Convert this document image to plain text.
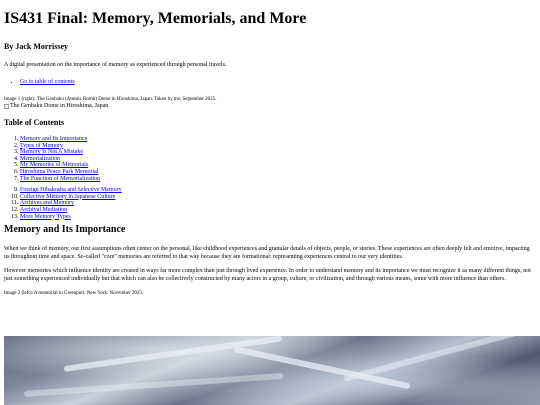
IS431 Final: Memory, Memorials, and More
By Jack Morrissey

A digital presentation on the importance of memory as experienced through personal travels.

• Go to table of contents

Image 1 (right): The Genbaku (Atomic Bomb) Dome in Hiroshima, Japan. Taken by me, September 2025.

The Genbaku Dome in Hiroshima, Japan
Table of Contents
1. Memory and Its Importance
2. Types of Memory
3. Memory Is Not A Mistake
4. Memorialization
5. My Memories of Memorials
6. Hiroshima Peace Park Memorial
7. The Function of Memorialization
9. Foreign Hibakusha and Selective Memory
10. Collective Memory in Japanese Culture
11. Archives and Memory
12. Archival Mediation
13. More Memory Types
Memory and Its Importance

When we think of memory, our first assumptions often center on the personal, like childhood experiences and granular details of objects, people, or stories. These experiences are often deeply felt and emotive, impacting us throughout time and space. So-called "core" memories are referred to that way because they are formational: representing experiences central to our very identities.

However memories which influence identity are created in ways far more complex than just through lived experience. In order to understand memory and its importance we must recognize it as many different things, not just something experienced individually but that which can also be collectively constructed by many actors in a group, culture, or civilization, and through various means, some with more influence than others.

Image 2 (left): A memorial in Greenport, New York. November 2025.
